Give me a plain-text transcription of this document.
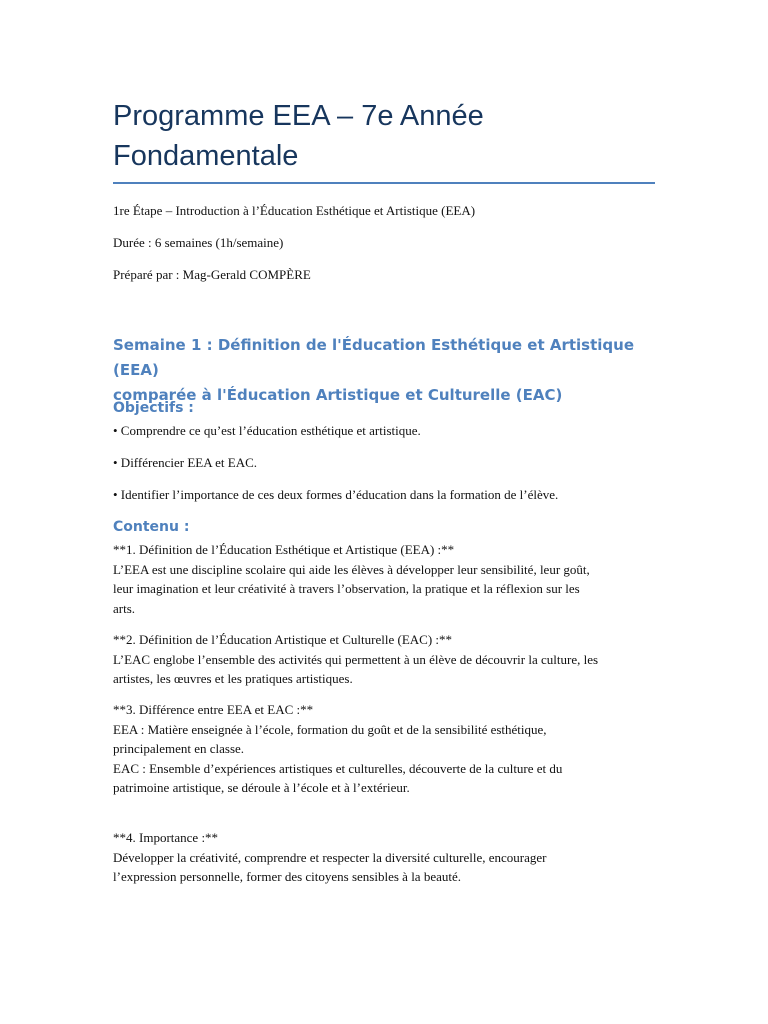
Programme EEA – 7e Année
Fondamentale

1re Étape – Introduction à l’Éducation Esthétique et Artistique (EEA)

Durée : 6 semaines (1h/semaine)

Préparé par : Mag-Gerald COMPÈRE

Semaine 1 : Définition de l'Éducation Esthétique et Artistique (EEA)
comparée à l'Éducation Artistique et Culturelle (EAC)
Objectifs :

• Comprendre ce qu’est l’éducation esthétique et artistique.

• Différencier EEA et EAC.

• Identifier l’importance de ces deux formes d’éducation dans la formation de l’élève.

Contenu :
**1. Définition de l’Éducation Esthétique et Artistique (EEA) :**
L’EEA est une discipline scolaire qui aide les élèves à développer leur sensibilité, leur goût,
leur imagination et leur créativité à travers l’observation, la pratique et la réflexion sur les
arts.
**2. Définition de l’Éducation Artistique et Culturelle (EAC) :**
L’EAC englobe l’ensemble des activités qui permettent à un élève de découvrir la culture, les
artistes, les œuvres et les pratiques artistiques.
**3. Différence entre EEA et EAC :**
EEA : Matière enseignée à l’école, formation du goût et de la sensibilité esthétique,
principalement en classe.
EAC : Ensemble d’expériences artistiques et culturelles, découverte de la culture et du
patrimoine artistique, se déroule à l’école et à l’extérieur.
**4. Importance :**
Développer la créativité, comprendre et respecter la diversité culturelle, encourager
l’expression personnelle, former des citoyens sensibles à la beauté.
